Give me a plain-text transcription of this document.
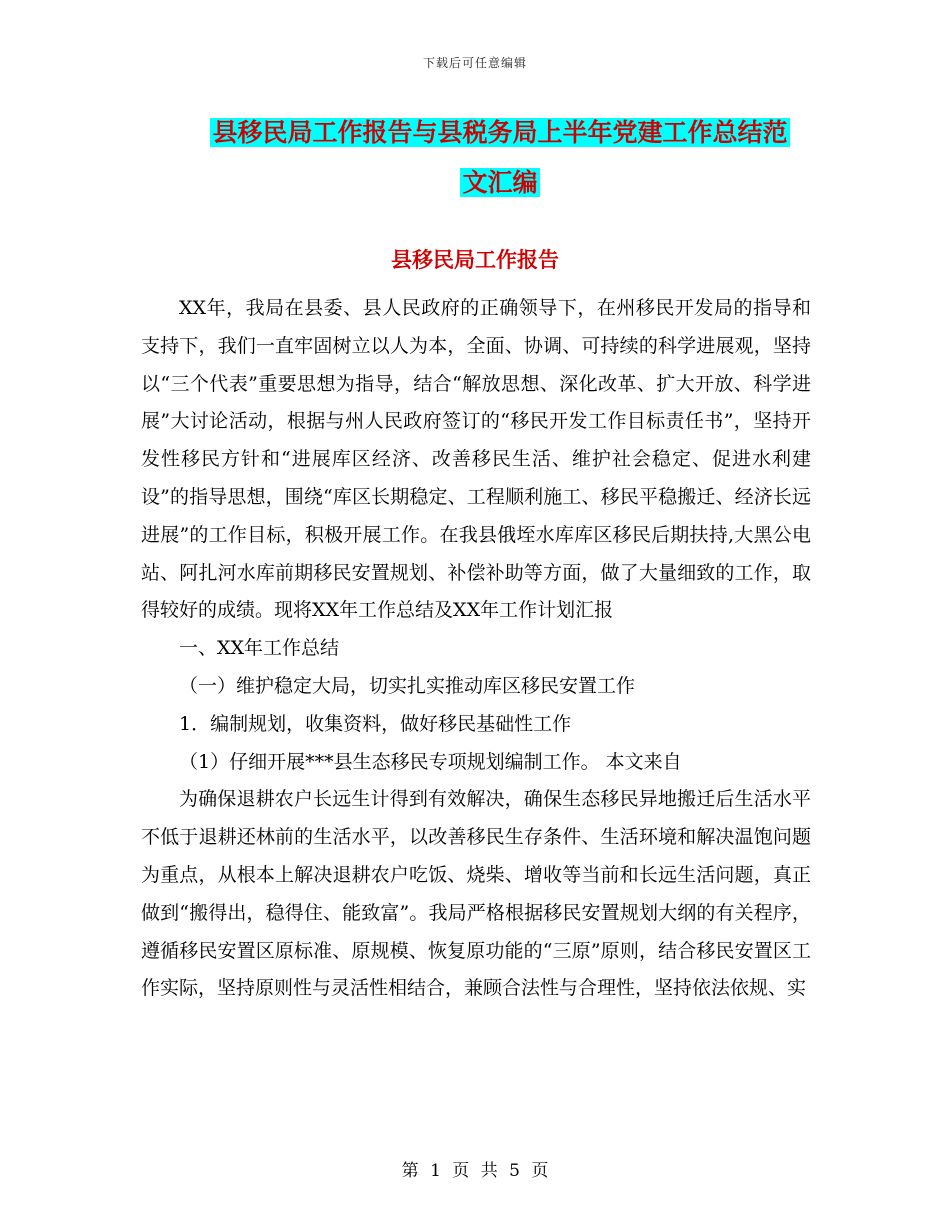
下载后可任意编辑
县移民局工作报告与县税务局上半年党建工作总结范
文汇编
县移民局工作报告

XX年，我局在县委、县人民政府的正确领导下，在州移民开发局的指导和支持下，我们一直牢固树立以人为本，全面、协调、可持续的科学进展观，坚持以“三个代表”重要思想为指导，结合“解放思想、深化改革、扩大开放、科学进展”大讨论活动，根据与州人民政府签订的“移民开发工作目标责任书”，坚持开发性移民方针和“进展库区经济、改善移民生活、维护社会稳定、促进水利建设”的指导思想，围绕“库区长期稳定、工程顺利施工、移民平稳搬迁、经济长远进展”的工作目标，积极开展工作。在我县俄垤水库库区移民后期扶持,大黑公电站、阿扎河水库前期移民安置规划、补偿补助等方面，做了大量细致的工作，取得较好的成绩。现将XX年工作总结及XX年工作计划汇报

一、XX年工作总结

（一）维护稳定大局，切实扎实推动库区移民安置工作

1．编制规划，收集资料，做好移民基础性工作

（1）仔细开展***县生态移民专项规划编制工作。 本文来自

为确保退耕农户长远生计得到有效解决，确保生态移民异地搬迁后生活水平不低于退耕还林前的生活水平，以改善移民生存条件、生活环境和解决温饱问题为重点，从根本上解决退耕农户吃饭、烧柴、增收等当前和长远生活问题，真正做到“搬得出，稳得住、能致富”。我局严格根据移民安置规划大纲的有关程序，遵循移民安置区原标准、原规模、恢复原功能的“三原”原则，结合移民安置区工作实际，坚持原则性与灵活性相结合，兼顾合法性与合理性，坚持依法依规、实

第 1 页 共 5 页
